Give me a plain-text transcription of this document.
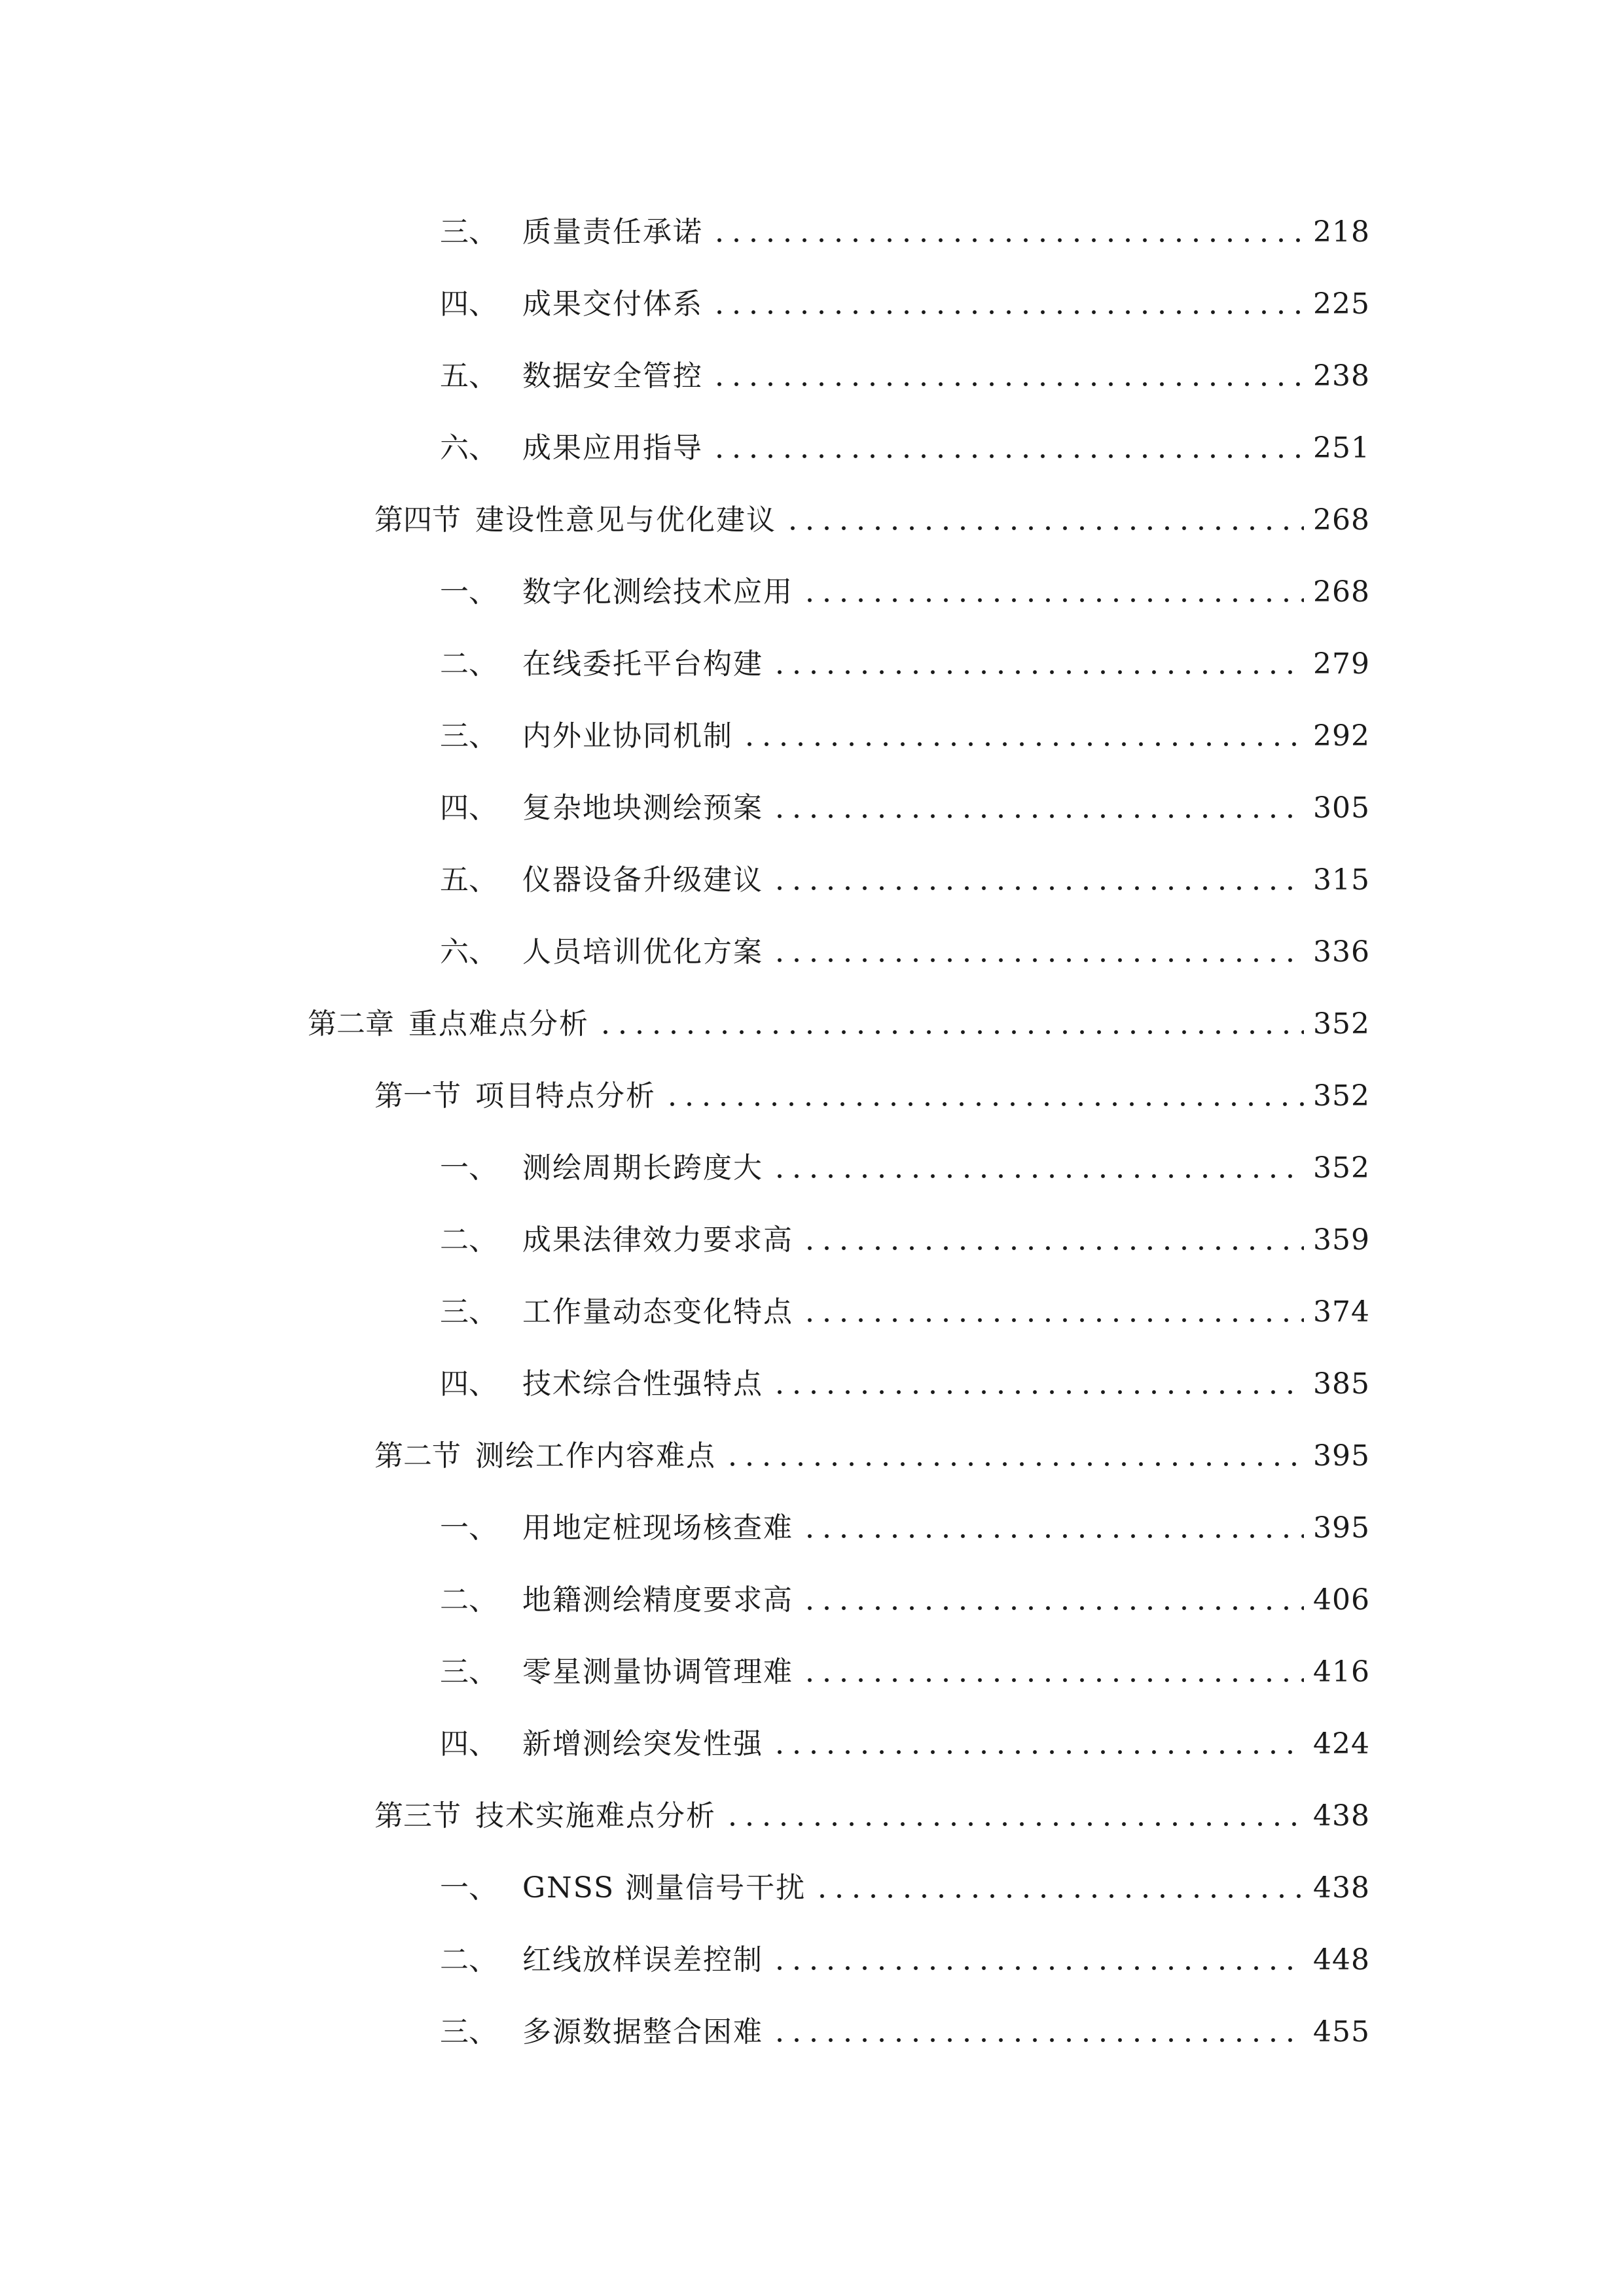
三、 质量责任承诺	218
四、 成果交付体系	225
五、 数据安全管控	238
六、 成果应用指导	251
第四节 建设性意见与优化建议	268
一、 数字化测绘技术应用	268
二、 在线委托平台构建	279
三、 内外业协同机制	292
四、 复杂地块测绘预案	305
五、 仪器设备升级建议	315
六、 人员培训优化方案	336
第二章 重点难点分析	352
第一节 项目特点分析	352
一、 测绘周期长跨度大	352
二、 成果法律效力要求高	359
三、 工作量动态变化特点	374
四、 技术综合性强特点	385
第二节 测绘工作内容难点	395
一、 用地定桩现场核查难	395
二、 地籍测绘精度要求高	406
三、 零星测量协调管理难	416
四、 新增测绘突发性强	424
第三节 技术实施难点分析	438
一、 GNSS 测量信号干扰	438
二、 红线放样误差控制	448
三、 多源数据整合困难	455
